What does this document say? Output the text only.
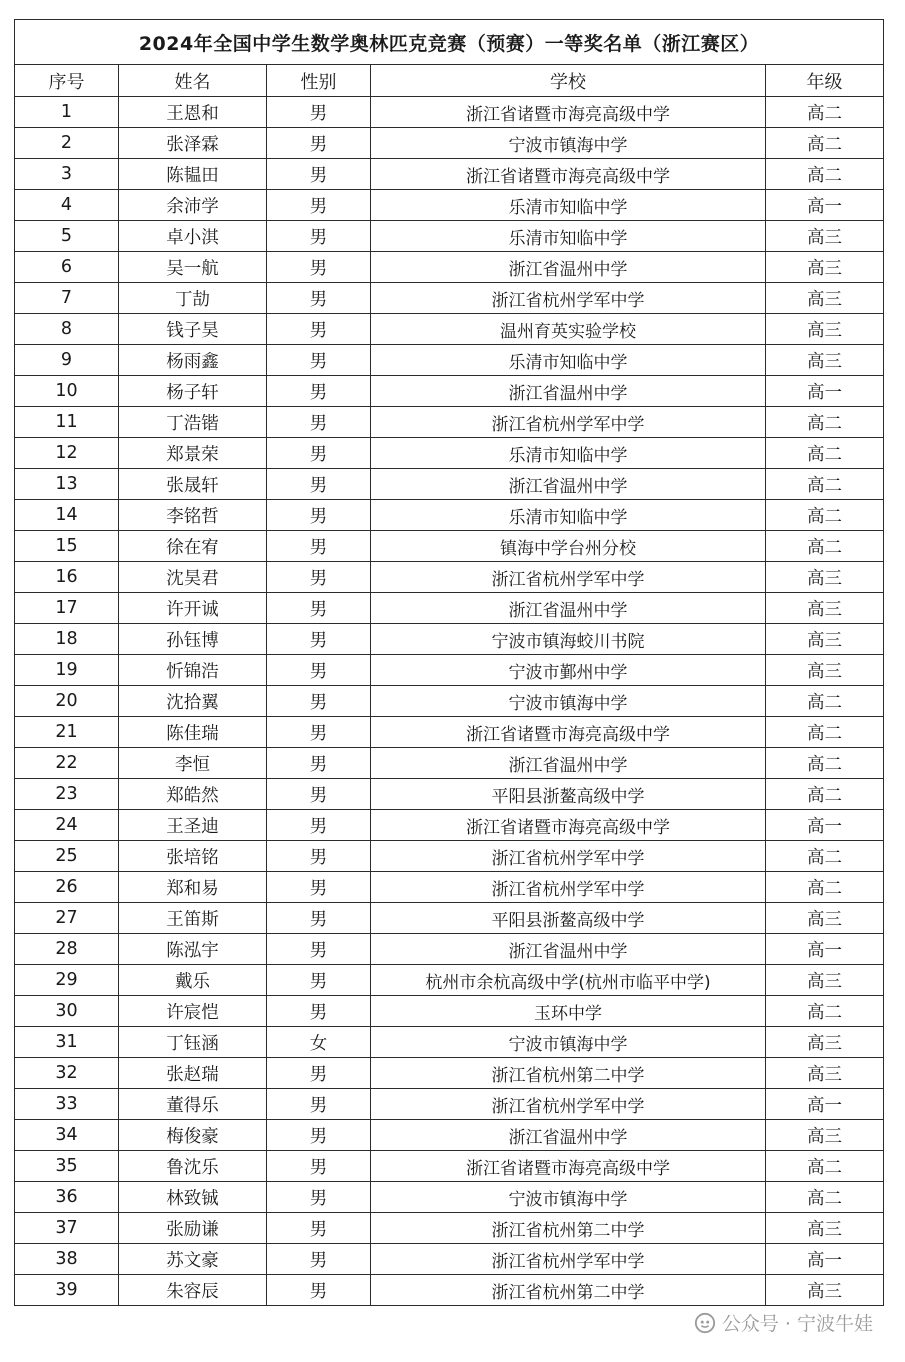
2024年全国中学生数学奥林匹克竞赛（预赛）一等奖名单（浙江赛区）				
序号	姓名	性别	学校	年级
1	王恩和	男	浙江省诸暨市海亮高级中学	高二
2	张泽霖	男	宁波市镇海中学	高二
3	陈韫田	男	浙江省诸暨市海亮高级中学	高二
4	余沛学	男	乐清市知临中学	高一
5	卓小淇	男	乐清市知临中学	高三
6	吴一航	男	浙江省温州中学	高三
7	丁劼	男	浙江省杭州学军中学	高三
8	钱子昊	男	温州育英实验学校	高三
9	杨雨鑫	男	乐清市知临中学	高三
10	杨子轩	男	浙江省温州中学	高一
11	丁浩锴	男	浙江省杭州学军中学	高二
12	郑景荣	男	乐清市知临中学	高二
13	张晟轩	男	浙江省温州中学	高二
14	李铭哲	男	乐清市知临中学	高二
15	徐在宥	男	镇海中学台州分校	高二
16	沈昊君	男	浙江省杭州学军中学	高三
17	许开诚	男	浙江省温州中学	高三
18	孙钰博	男	宁波市镇海蛟川书院	高三
19	忻锦浩	男	宁波市鄞州中学	高三
20	沈拾翼	男	宁波市镇海中学	高二
21	陈佳瑞	男	浙江省诸暨市海亮高级中学	高二
22	李恒	男	浙江省温州中学	高二
23	郑皓然	男	平阳县浙鳌高级中学	高二
24	王圣迪	男	浙江省诸暨市海亮高级中学	高一
25	张培铭	男	浙江省杭州学军中学	高二
26	郑和易	男	浙江省杭州学军中学	高二
27	王笛斯	男	平阳县浙鳌高级中学	高三
28	陈泓宇	男	浙江省温州中学	高一
29	戴乐	男	杭州市余杭高级中学(杭州市临平中学)	高三
30	许宸恺	男	玉环中学	高二
31	丁钰涵	女	宁波市镇海中学	高三
32	张赵瑞	男	浙江省杭州第二中学	高三
33	董得乐	男	浙江省杭州学军中学	高一
34	梅俊豪	男	浙江省温州中学	高三
35	鲁沈乐	男	浙江省诸暨市海亮高级中学	高二
36	林致铖	男	宁波市镇海中学	高二
37	张励谦	男	浙江省杭州第二中学	高三
38	苏文豪	男	浙江省杭州学军中学	高一
39	朱容辰	男	浙江省杭州第二中学	高三
公众号 · 宁波牛娃
